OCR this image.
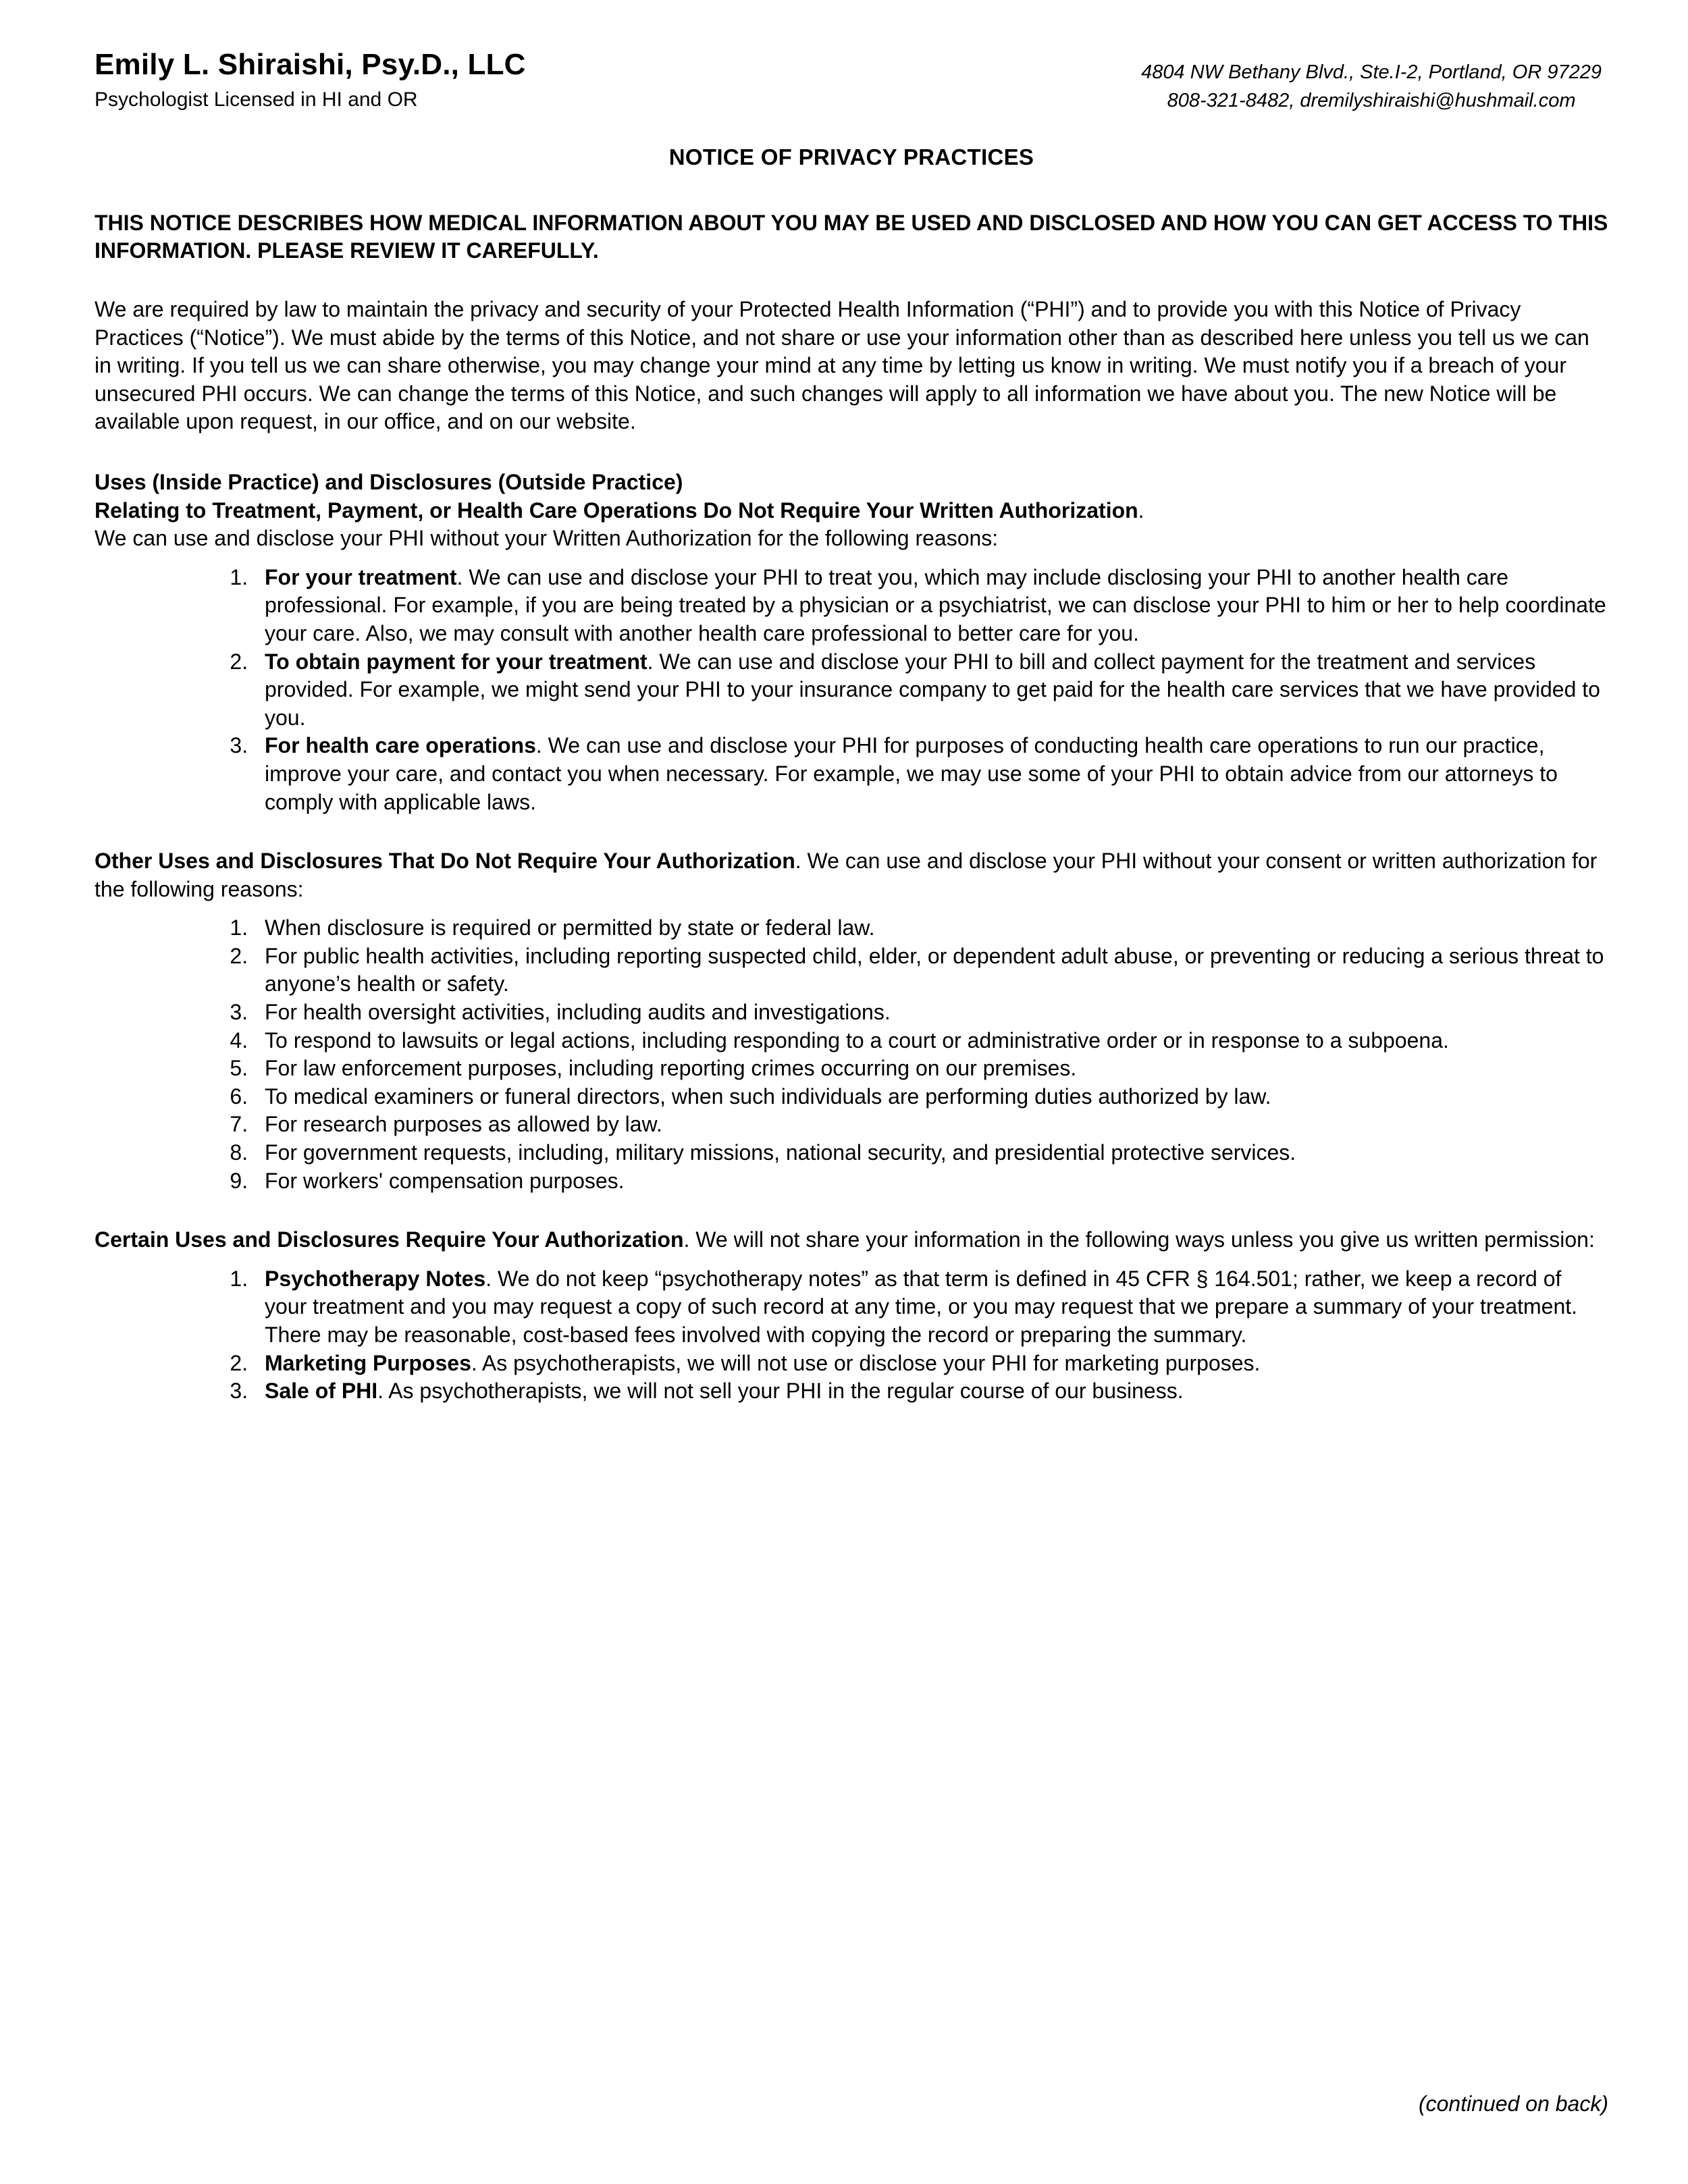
Emily L. Shiraishi, Psy.D., LLC
Psychologist Licensed in HI and OR
4804 NW Bethany Blvd., Ste.I-2, Portland, OR 97229
808-321-8482, dremilyshiraishi@hushmail.com
NOTICE OF PRIVACY PRACTICES
THIS NOTICE DESCRIBES HOW MEDICAL INFORMATION ABOUT YOU MAY BE USED AND DISCLOSED AND HOW YOU CAN GET ACCESS TO THIS INFORMATION. PLEASE REVIEW IT CAREFULLY.

We are required by law to maintain the privacy and security of your Protected Health Information (“PHI”) and to provide you with this Notice of Privacy Practices (“Notice”). We must abide by the terms of this Notice, and not share or use your information other than as described here unless you tell us we can in writing. If you tell us we can share otherwise, you may change your mind at any time by letting us know in writing. We must notify you if a breach of your unsecured PHI occurs. We can change the terms of this Notice, and such changes will apply to all information we have about you. The new Notice will be available upon request, in our office, and on our website.

Uses (Inside Practice) and Disclosures (Outside Practice)
Relating to Treatment, Payment, or Health Care Operations Do Not Require Your Written Authorization.
We can use and disclose your PHI without your Written Authorization for the following reasons:
1. For your treatment. We can use and disclose your PHI to treat you, which may include disclosing your PHI to another health care professional. For example, if you are being treated by a physician or a psychiatrist, we can disclose your PHI to him or her to help coordinate your care. Also, we may consult with another health care professional to better care for you.
2. To obtain payment for your treatment. We can use and disclose your PHI to bill and collect payment for the treatment and services provided. For example, we might send your PHI to your insurance company to get paid for the health care services that we have provided to you.
3. For health care operations. We can use and disclose your PHI for purposes of conducting health care operations to run our practice, improve your care, and contact you when necessary. For example, we may use some of your PHI to obtain advice from our attorneys to comply with applicable laws.

Other Uses and Disclosures That Do Not Require Your Authorization. We can use and disclose your PHI without your consent or written authorization for the following reasons:

1. When disclosure is required or permitted by state or federal law.
2. For public health activities, including reporting suspected child, elder, or dependent adult abuse, or preventing or reducing a serious threat to anyone’s health or safety.
3. For health oversight activities, including audits and investigations.
4. To respond to lawsuits or legal actions, including responding to a court or administrative order or in response to a subpoena.
5. For law enforcement purposes, including reporting crimes occurring on our premises.
6. To medical examiners or funeral directors, when such individuals are performing duties authorized by law.
7. For research purposes as allowed by law.
8. For government requests, including, military missions, national security, and presidential protective services.
9. For workers' compensation purposes.

Certain Uses and Disclosures Require Your Authorization. We will not share your information in the following ways unless you give us written permission:

1. Psychotherapy Notes. We do not keep “psychotherapy notes” as that term is defined in 45 CFR § 164.501; rather, we keep a record of your treatment and you may request a copy of such record at any time, or you may request that we prepare a summary of your treatment. There may be reasonable, cost-based fees involved with copying the record or preparing the summary.
2. Marketing Purposes. As psychotherapists, we will not use or disclose your PHI for marketing purposes.
3. Sale of PHI. As psychotherapists, we will not sell your PHI in the regular course of our business.
(continued on back)
